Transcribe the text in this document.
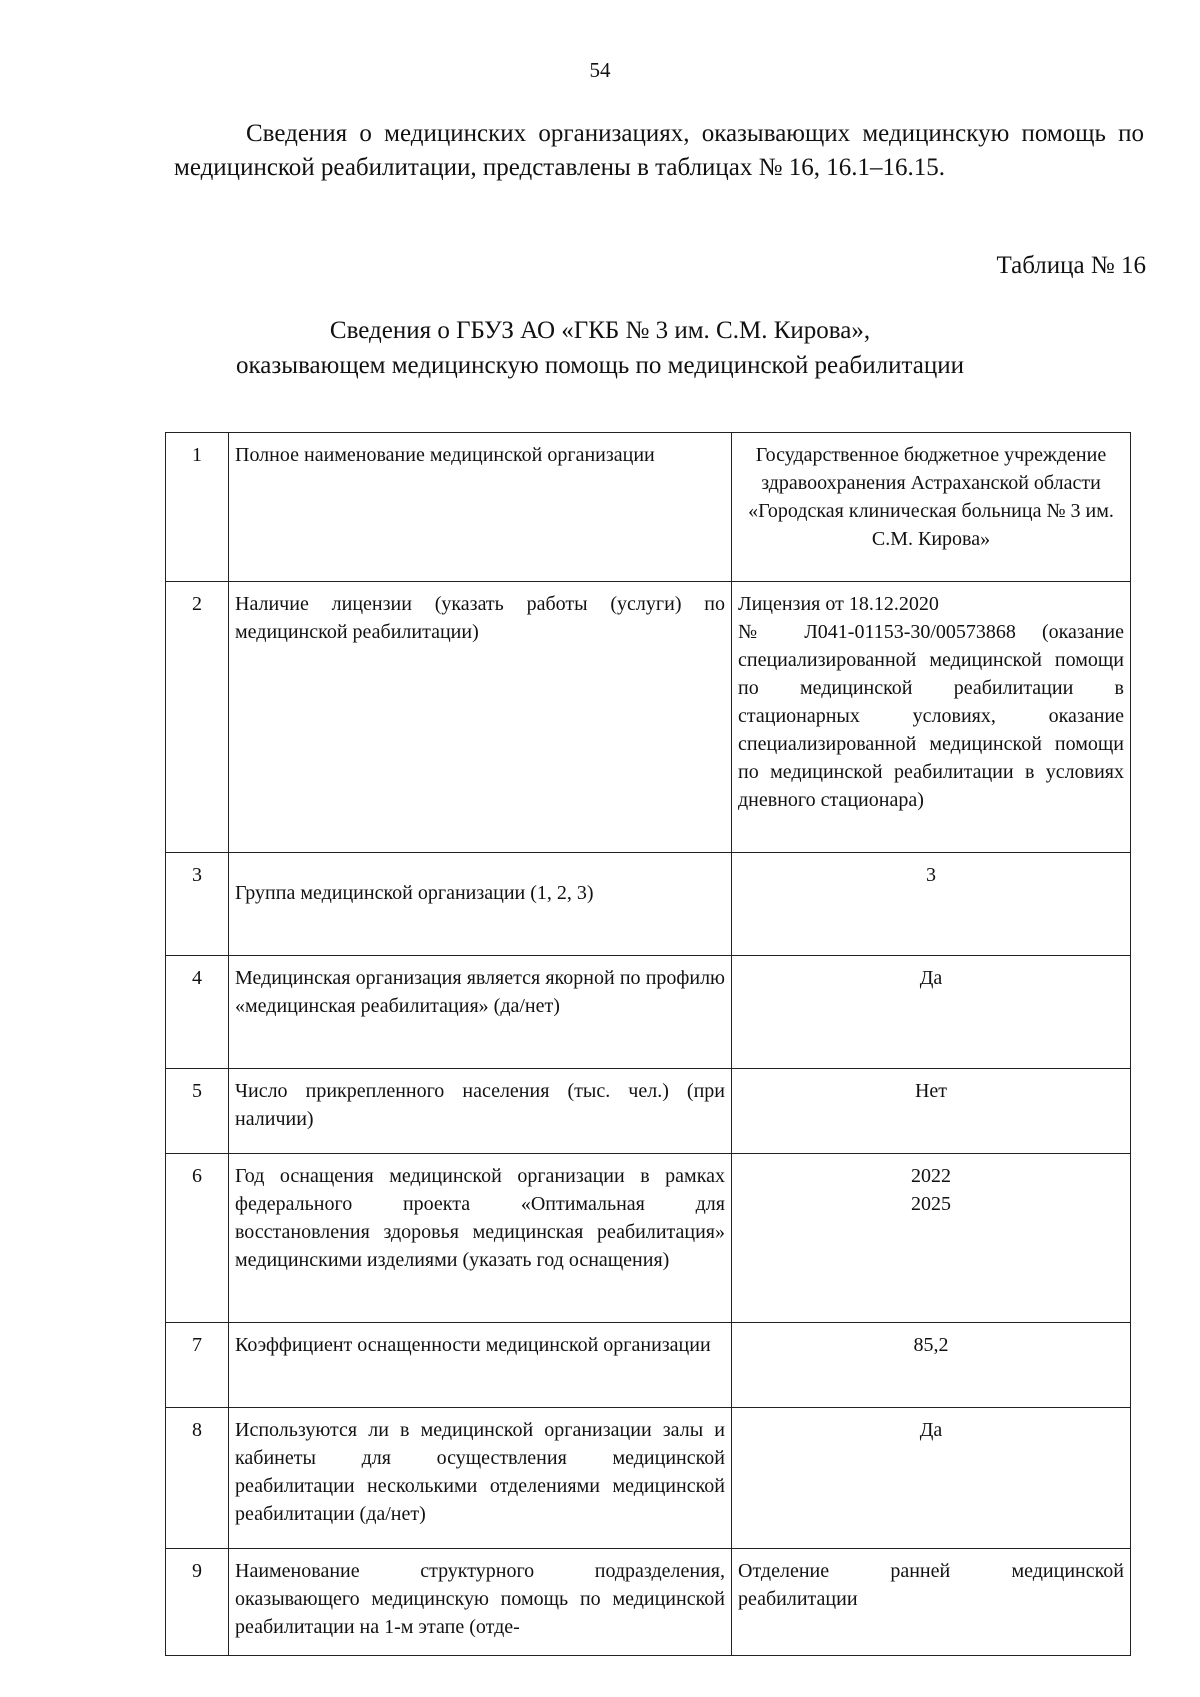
54

Сведения о медицинских организациях, оказывающих медицинскую помощь по медицинской реабилитации, представлены в таблицах № 16, 16.1–16.15.

Таблица № 16
Сведения о ГБУЗ АО «ГКБ № 3 им. С.М. Кирова»,
оказывающем медицинскую помощь по медицинской реабилитации
1	Полное наименование медицинской организации	Государственное бюджетное учреждение здравоохранения Астраханской области «Городская клиническая больница № 3 им. С.М. Кирова»
2	Наличие лицензии (указать работы (услуги) по медицинской реабилитации)	Лицензия от 18.12.2020
№ Л041-01153-30/00573868 (оказание специализированной медицинской помощи по медицинской реабилитации в стационарных условиях, оказание специализированной медицинской помощи по медицинской реабилитации в условиях дневного стационара)
3	Группа медицинской организации (1, 2, 3)	3
4	Медицинская организация является якорной по профилю «медицинская реабилитация» (да/нет)	Да
5	Число прикрепленного населения (тыс. чел.) (при наличии)	Нет
6	Год оснащения медицинской организации в рамках федерального проекта «Оптимальная для восстановления здоровья медицинская реабилитация» медицинскими изделиями (указать год оснащения)	2022
2025
7	Коэффициент оснащенности медицинской организации	85,2
8	Используются ли в медицинской организации залы и кабинеты для осуществления медицинской реабилитации несколькими отделениями медицинской реабилитации (да/нет)	Да
9	Наименование структурного подразделения, оказывающего медицинскую помощь по медицинской реабилитации на 1-м этапе (отде-	Отделение ранней медицинской реабилитации
